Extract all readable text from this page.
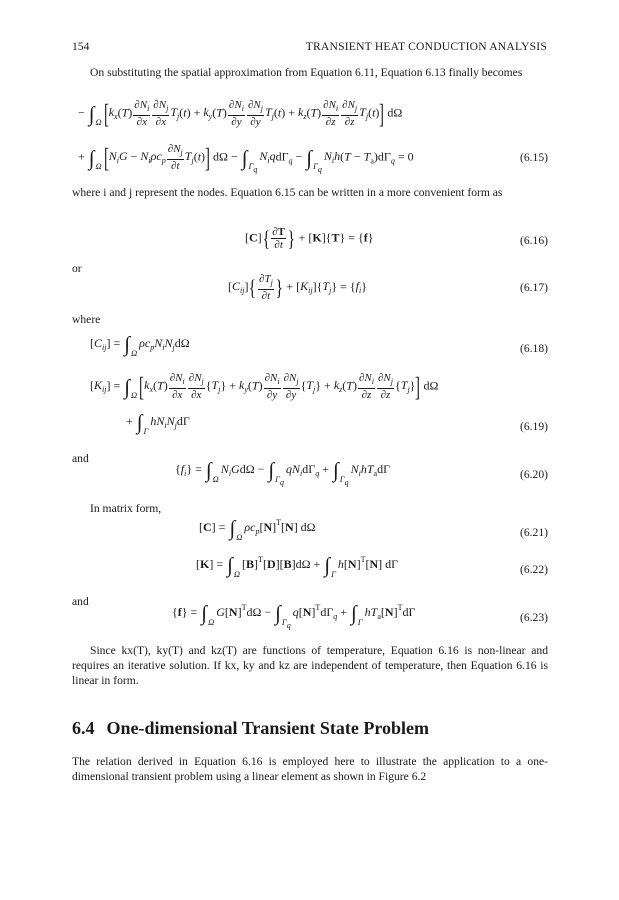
154	TRANSIENT HEAT CONDUCTION ANALYSIS

On substituting the spatial approximation from Equation 6.11, Equation 6.13 finally becomes

− $\int_\Omega[k_x(T) \frac{\partial N_i}{\partial x} \frac{\partial N_j}{\partial x} T_j(t) + k_y(T) \frac{\partial N_i}{\partial y} \frac{\partial N_j}{\partial y} T_j(t) + k_z(T) \frac{\partial N_i}{\partial z} \frac{\partial N_j}{\partial z} T_j(t)]$ dΩ
+ $\int_\Omega[N_iG - N_i\rho c_p \frac{\partial N_j}{\partial t} T_j(t)] d\Omega - \int_{\Gamma_q}N_iqd\Gamma_q - \int_{\Gamma_q}N_ih(T - T_a)d\Gamma_q = 0$	(6.15)

where i and j represent the nodes. Equation 6.15 can be written in a more convenient form as

$[C]\{ \frac{\partial T}{\partial t}$ } + [K]{T} = {f}	(6.16)
or
$[C_{ij}]\{ \frac{\partial T_j}{\partial t}$ } + $[K_{ij}]\{T_j\} = \{f_i\}$	(6.17)
where
$[C_{ij}] = \int_\Omega\rho c_pN_iN_jd\Omega$	(6.18)
$[K_{ij}] = \int_\Omega[k_x(T) \frac{\partial N_i}{\partial x} \frac{\partial N_j}{\partial x} \{T_j\} + k_y(T) \frac{\partial N_i}{\partial y} \frac{\partial N_j}{\partial y} \{T_j\} + k_z(T) \frac{\partial N_i}{\partial z} \frac{\partial N_j}{\partial z} \{T_j\}]$ dΩ
+ $\int_\Gamma hN_iN_jd\Gamma$	(6.19)
and
$\{f_i\} = \int_\Omega N_iGd\Omega - \int_{\Gamma_q}qN_id\Gamma_q + \int_{\Gamma_q}N_ihT_ad\Gamma$	(6.20)
In matrix form,
$[C] = \int_\Omega\rho c_p[N]^T[N]$ dΩ	(6.21)
$[K] = \int_\Omega[B]^T[D][B]d\Omega + \int_\Gamma h[N]^T[N]$ dΓ	(6.22)
and
$\{f\} = \int_\Omega G[N]^Td\Omega - \int_{\Gamma_q}q[N]^Td\Gamma_q + \int_\Gamma hT_a[N]^Td\Gamma$	(6.23)

Since kx(T), ky(T) and kz(T) are functions of temperature, Equation 6.16 is non-linear and requires an iterative solution. If kx, ky and kz are independent of temperature, then Equation 6.16 is linear in form.

6.4 One-dimensional Transient State Problem

The relation derived in Equation 6.16 is employed here to illustrate the application to a one-dimensional transient problem using a linear element as shown in Figure 6.2
